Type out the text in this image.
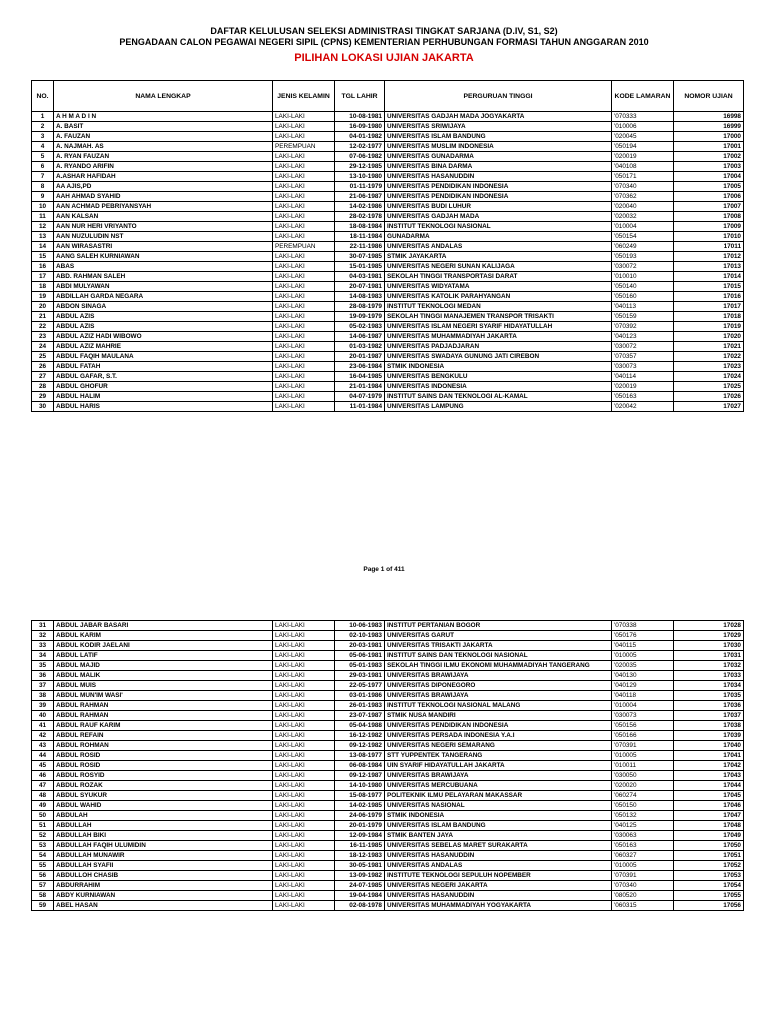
DAFTAR KELULUSAN SELEKSI ADMINISTRASI TINGKAT SARJANA (D.IV, S1, S2)
PENGADAAN CALON PEGAWAI NEGERI SIPIL (CPNS) KEMENTERIAN PERHUBUNGAN FORMASI TAHUN ANGGARAN 2010
PILIHAN LOKASI UJIAN JAKARTA
NO.	NAMA LENGKAP	JENIS KELAMIN	TGL LAHIR	PERGURUAN TINGGI	KODE LAMARAN	NOMOR UJIAN
1	A H M A D I N	LAKI-LAKI	10-08-1981	UNIVERSITAS GADJAH MADA JOGYAKARTA	'070333	16998
2	A. BASIT	LAKI-LAKI	16-09-1980	UNIVERSITAS SRIWIJAYA	'010006	16999
3	A. FAUZAN	LAKI-LAKI	04-01-1982	UNIVERSITAS ISLAM BANDUNG	'020045	17000
4	A. NAJMAH. AS	PEREMPUAN	12-02-1977	UNIVERSITAS MUSLIM INDONESIA	'050194	17001
5	A. RYAN FAUZAN	LAKI-LAKI	07-06-1982	UNIVERSITAS GUNADARMA	'020019	17002
6	A. RYANDO ARIFIN	LAKI-LAKI	29-12-1985	UNIVERSITAS BINA DARMA	'040108	17003
7	A.ASHAR HAFIDAH	LAKI-LAKI	13-10-1980	UNIVERSITAS HASANUDDIN	'050171	17004
8	AA AJIS,PD	LAKI-LAKI	01-11-1979	UNIVERSITAS PENDIDIKAN INDONESIA	'070340	17005
9	AAH AHMAD SYAHID	LAKI-LAKI	21-06-1987	UNIVERSITAS PENDIDIKAN INDONESIA	'070362	17006
10	AAN ACHMAD PEBRIYANSYAH	LAKI-LAKI	14-02-1986	UNIVERSITAS BUDI LUHUR	'020040	17007
11	AAN KALSAN	LAKI-LAKI	28-02-1978	UNIVERSITAS GADJAH MADA	'020032	17008
12	AAN NUR HERI VRIYANTO	LAKI-LAKI	18-08-1984	INSTITUT TEKNOLOGI NASIONAL	'010004	17009
13	AAN NUZULUDIN NST	LAKI-LAKI	18-11-1984	GUNADARMA	'050154	17010
14	AAN WIRASASTRI	PEREMPUAN	22-11-1986	UNIVERSITAS ANDALAS	'060249	17011
15	AANG SALEH KURNIAWAN	LAKI-LAKI	30-07-1985	STMIK JAYAKARTA	'050193	17012
16	ABAS	LAKI-LAKI	15-01-1985	UNIVERSITAS NEGERI SUNAN KALIJAGA	'030072	17013
17	ABD. RAHMAN SALEH	LAKI-LAKI	04-03-1981	SEKOLAH TINGGI TRANSPORTASI DARAT	'010010	17014
18	ABDI MULYAWAN	LAKI-LAKI	20-07-1981	UNIVERSITAS WIDYATAMA	'050140	17015
19	ABDILLAH GARDA NEGARA	LAKI-LAKI	14-08-1983	UNIVERSITAS KATOLIK PARAHYANGAN	'050160	17016
20	ABDON SINAGA	LAKI-LAKI	28-08-1979	INSTITUT TEKNOLOGI MEDAN	'040113	17017
21	ABDUL AZIS	LAKI-LAKI	19-09-1979	SEKOLAH TINGGI MANAJEMEN TRANSPOR TRISAKTI	'050159	17018
22	ABDUL AZIS	LAKI-LAKI	05-02-1983	UNIVERSITAS ISLAM NEGERI SYARIF HIDAYATULLAH	'070392	17019
23	ABDUL AZIZ HADI WIBOWO	LAKI-LAKI	14-06-1987	UNIVERSITAS MUHAMMADIYAH JAKARTA	'040123	17020
24	ABDUL AZIZ MAHRIE	LAKI-LAKI	01-03-1982	UNIVERSITAS PADJADJARAN	'030072	17021
25	ABDUL FAQIH MAULANA	LAKI-LAKI	20-01-1987	UNIVERSITAS SWADAYA GUNUNG JATI CIREBON	'070357	17022
26	ABDUL FATAH	LAKI-LAKI	23-06-1984	STMIK INDONESIA	'030073	17023
27	ABDUL GAFAR, S.T.	LAKI-LAKI	16-04-1985	UNIVERSITAS BENGKULU	'040114	17024
28	ABDUL GHOFUR	LAKI-LAKI	21-01-1984	UNIVERSITAS INDONESIA	'020019	17025
29	ABDUL HALIM	LAKI-LAKI	04-07-1979	INSTITUT SAINS DAN TEKNOLOGI AL-KAMAL	'050163	17026
30	ABDUL HARIS	LAKI-LAKI	11-01-1984	UNIVERSITAS LAMPUNG	'020042	17027
Page 1 of 411
31	ABDUL JABAR BASARI	LAKI-LAKI	10-06-1983	INSTITUT PERTANIAN BOGOR	'070338	17028
32	ABDUL KARIM	LAKI-LAKI	02-10-1983	UNIVERSITAS GARUT	'050176	17029
33	ABDUL KODIR JAELANI	LAKI-LAKI	20-03-1981	UNIVERSITAS TRISAKTI JAKARTA	'040115	17030
34	ABDUL LATIF	LAKI-LAKI	05-06-1981	INSTITUT SAINS DAN TEKNOLOGI NASIONAL	'010005	17031
35	ABDUL MAJID	LAKI-LAKI	05-01-1983	SEKOLAH TINGGI ILMU EKONOMI MUHAMMADIYAH TANGERANG	'020035	17032
36	ABDUL MALIK	LAKI-LAKI	29-03-1981	UNIVERSITAS BRAWIJAYA	'040130	17033
37	ABDUL MUIS	LAKI-LAKI	22-05-1977	UNIVERSITAS DIPONEGORO	'040129	17034
38	ABDUL MUN'IM WASI'	LAKI-LAKI	03-01-1986	UNIVERSITAS BRAWIJAYA	'040118	17035
39	ABDUL RAHMAN	LAKI-LAKI	26-01-1983	INSTITUT TEKNOLOGI NASIONAL MALANG	'010004	17036
40	ABDUL RAHMAN	LAKI-LAKI	23-07-1987	STMIK NUSA MANDIRI	'030073	17037
41	ABDUL RAUF KARIM	LAKI-LAKI	05-04-1988	UNIVERSITAS PENDIDIKAN INDONESIA	'050156	17038
42	ABDUL REFAIN	LAKI-LAKI	16-12-1982	UNIVERSITAS PERSADA INDONESIA Y.A.I	'050166	17039
43	ABDUL ROHMAN	LAKI-LAKI	09-12-1982	UNIVERSITAS NEGERI SEMARANG	'070391	17040
44	ABDUL ROSID	LAKI-LAKI	13-08-1977	STT YUPPENTEK TANGERANG	'010005	17041
45	ABDUL ROSID	LAKI-LAKI	06-08-1984	UIN SYARIF HIDAYATULLAH JAKARTA	'010011	17042
46	ABDUL ROSYID	LAKI-LAKI	09-12-1987	UNIVERSITAS BRAWIJAYA	'030050	17043
47	ABDUL ROZAK	LAKI-LAKI	14-10-1980	UNIVERSITAS MERCUBUANA	'020020	17044
48	ABDUL SYUKUR	LAKI-LAKI	15-08-1977	POLITEKNIK ILMU PELAYARAN MAKASSAR	'060274	17045
49	ABDUL WAHID	LAKI-LAKI	14-02-1985	UNIVERSITAS NASIONAL	'050150	17046
50	ABDULAH	LAKI-LAKI	24-06-1979	STMIK INDONESIA	'050132	17047
51	ABDULLAH	LAKI-LAKI	20-01-1979	UNIVERSITAS ISLAM BANDUNG	'040125	17048
52	ABDULLAH BIKI	LAKI-LAKI	12-09-1984	STMIK BANTEN JAYA	'030063	17049
53	ABDULLAH FAQIH ULUMIDIN	LAKI-LAKI	16-11-1985	UNIVERSITAS SEBELAS MARET SURAKARTA	'050163	17050
54	ABDULLAH MUNAWIR	LAKI-LAKI	18-12-1983	UNIVERSITAS HASANUDDIN	'060327	17051
55	ABDULLAH SYAFII	LAKI-LAKI	30-05-1981	UNIVERSITAS ANDALAS	'010005	17052
56	ABDULLOH CHASIB	LAKI-LAKI	13-09-1982	INSTITUTE TEKNOLOGI SEPULUH NOPEMBER	'070391	17053
57	ABDURRAHIM	LAKI-LAKI	24-07-1985	UNIVERSITAS NEGERI JAKARTA	'070340	17054
58	ABDY KURNIAWAN	LAKI-LAKI	19-04-1984	UNIVERSITAS HASANUDDIN	'080520	17055
59	ABEL HASAN	LAKI-LAKI	02-08-1978	UNIVERSITAS MUHAMMADIYAH YOGYAKARTA	'060315	17056
